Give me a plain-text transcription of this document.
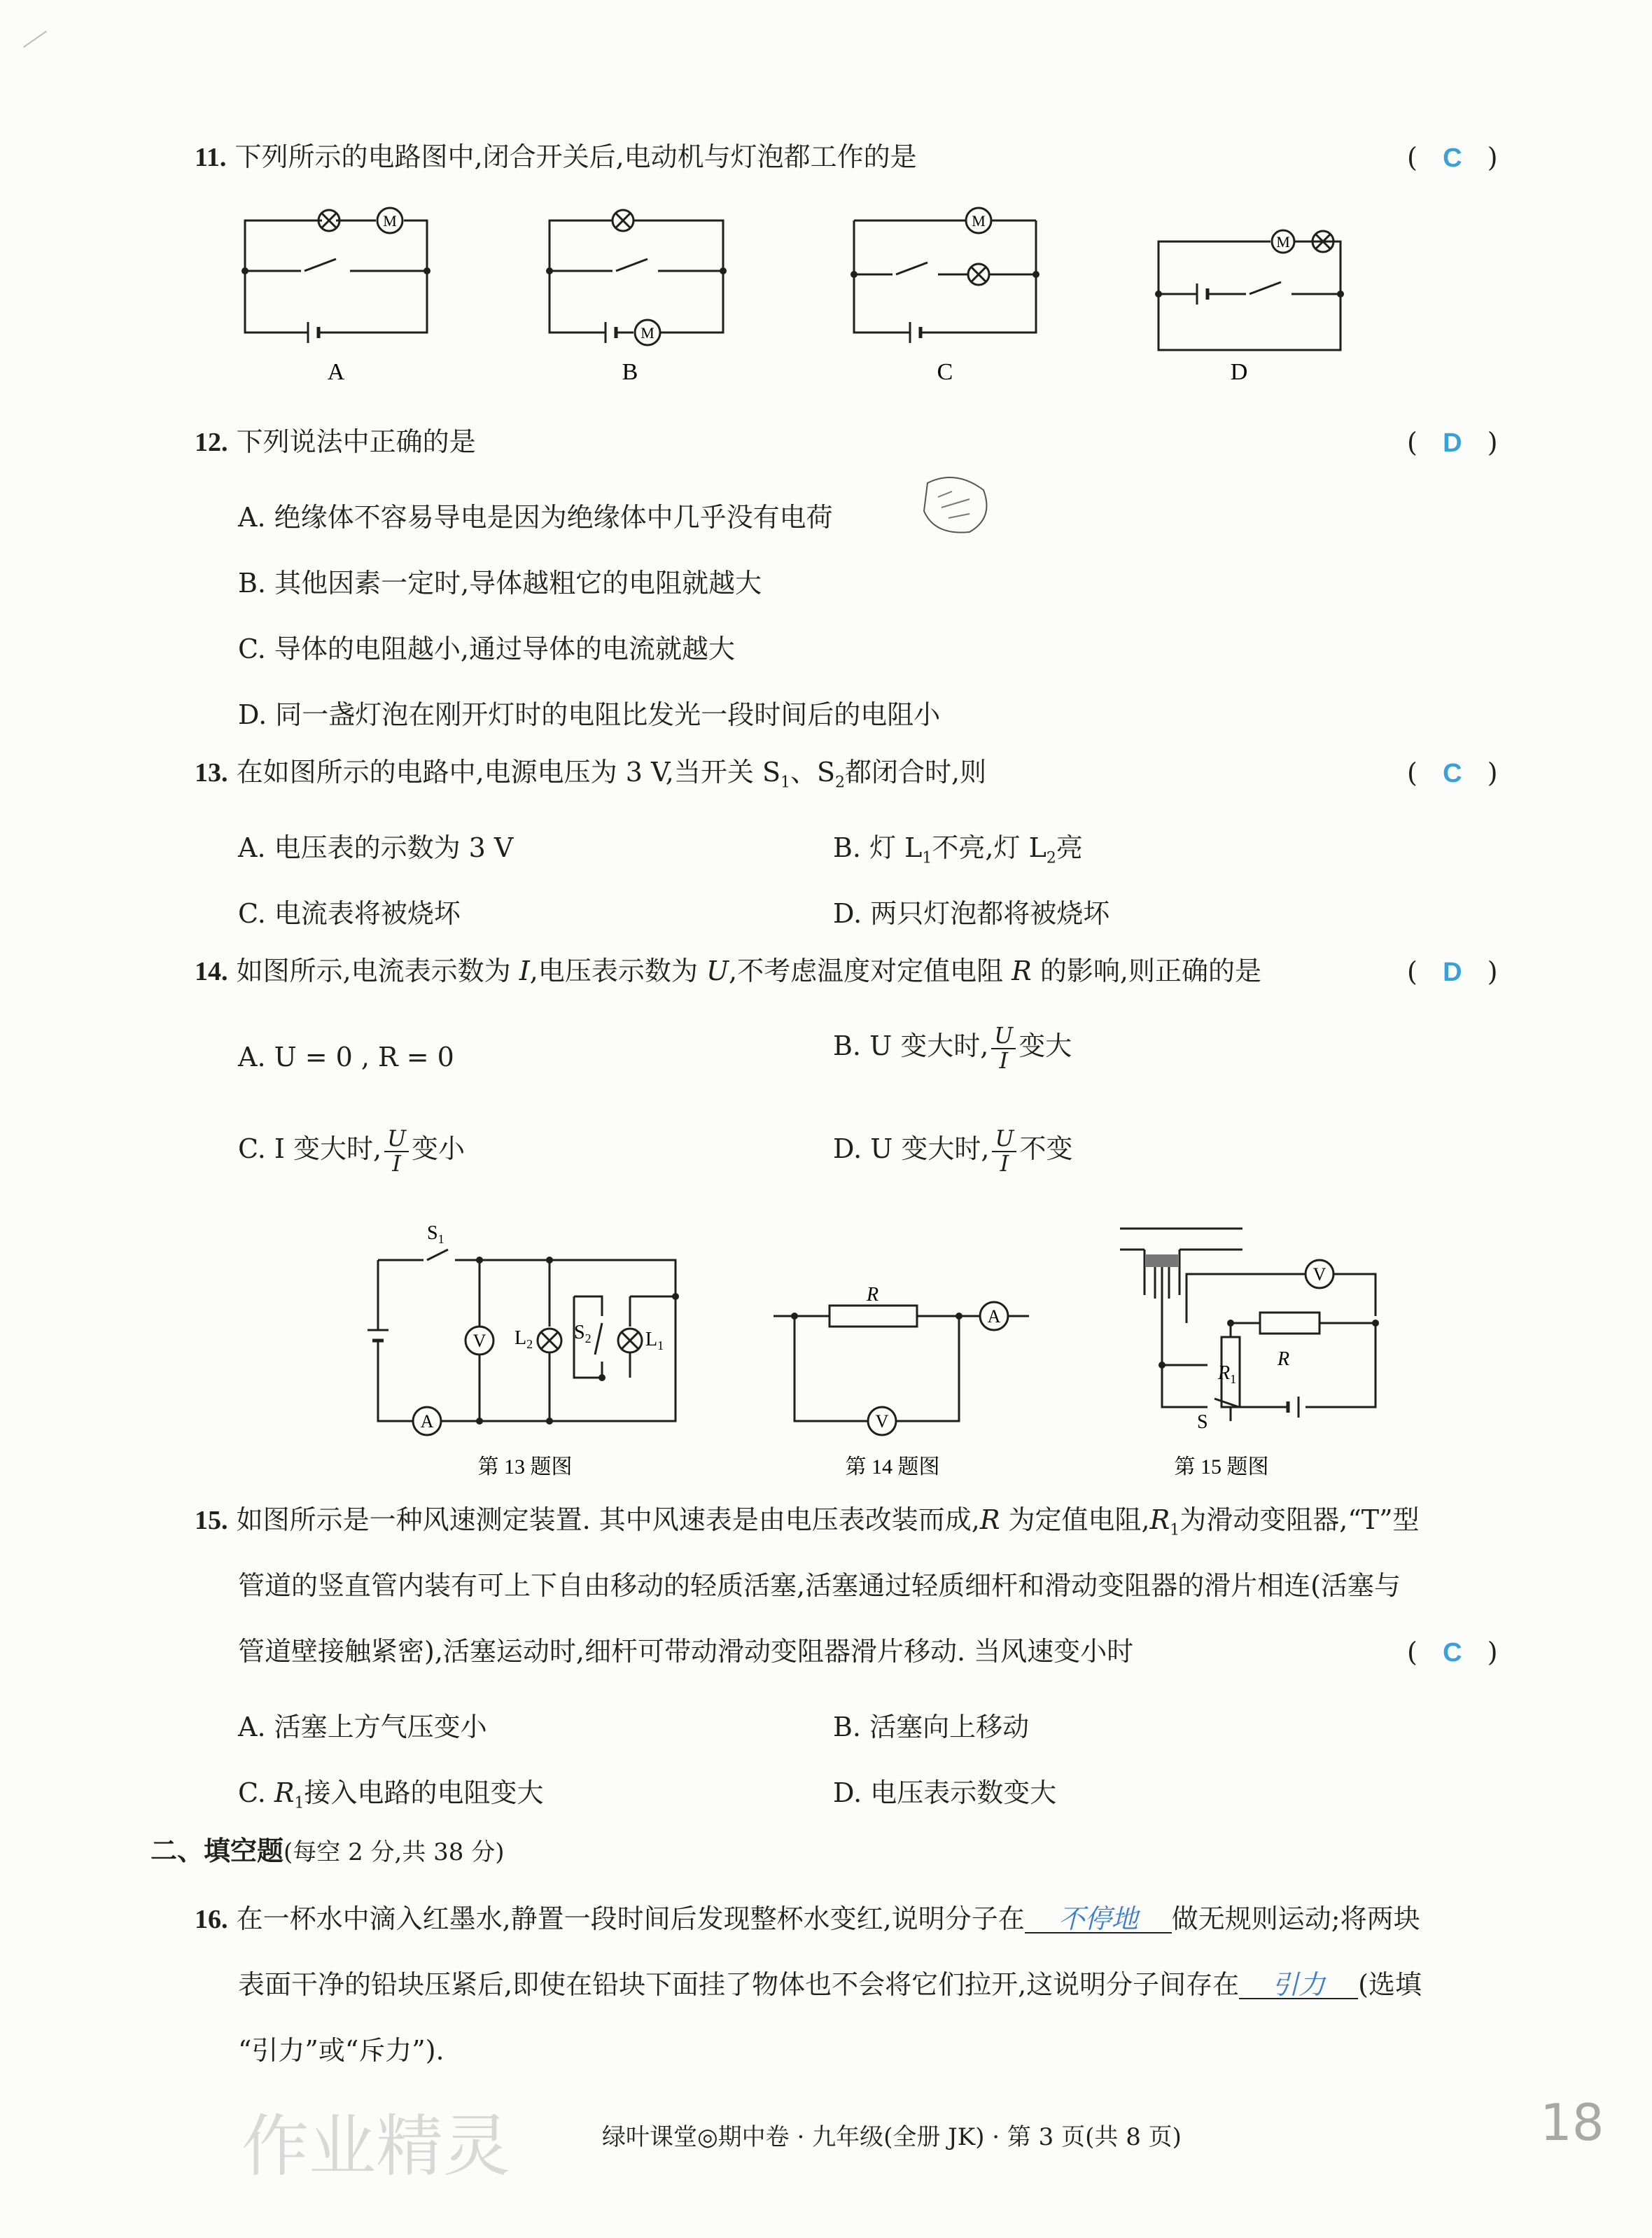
11. 下列所示的电路图中,闭合开关后,电动机与灯泡都工作的是	(   C   )
M
M
M
M
A	B	C	D
12. 下列说法中正确的是	(   D   )
A. 绝缘体不容易导电是因为绝缘体中几乎没有电荷
B. 其他因素一定时,导体越粗它的电阻就越大
C. 导体的电阻越小,通过导体的电流就越大
D. 同一盏灯泡在刚开灯时的电阻比发光一段时间后的电阻小
13. 在如图所示的电路中,电源电压为 3 V,当开关 $S_1$、$S_2$都闭合时,则	(   C   )
A. 电压表的示数为 3 V	B. 灯 $L_1$不亮,灯 $L_2$亮
C. 电流表将被烧坏	D. 两只灯泡都将被烧坏
14. 如图所示,电流表示数为 I,电压表示数为 U,不考虑温度对定值电阻 R 的影响,则正确的是	(   D   )
A. U = 0 , R = 0	B. U 变大时, $\frac{U}{I}$ 变大
C. I 变大时, $\frac{U}{I}$ 变小	D. U 变大时, $\frac{U}{I}$ 不变
A
V
A
V
V
$S_1$
$L_2$
$S_2$	$L_1$
R
R
$R_1$
S
第 13 题图	第 14 题图	第 15 题图
15. 如图所示是一种风速测定装置. 其中风速表是由电压表改装而成,R 为定值电阻$,R_1$为滑动变阻器,“T”型
管道的竖直管内装有可上下自由移动的轻质活塞,活塞通过轻质细杆和滑动变阻器的滑片相连(活塞与
管道壁接触紧密),活塞运动时,细杆可带动滑动变阻器滑片移动. 当风速变小时	(   C   )
A. 活塞上方气压变小	B. 活塞向上移动
C. $R_1$接入电路的电阻变大	D. 电压表示数变大
二、填空题(每空 2 分,共 38 分)
16. 在一杯水中滴入红墨水,静置一段时间后发现整杯水变红,说明分子在 不停地 做无规则运动;将两块
表面干净的铅块压紧后,即使在铅块下面挂了物体也不会将它们拉开,这说明分子间存在 引力 (选填
“引力”或“斥力”).
绿叶课堂◎期中卷 · 九年级(全册 JK) · 第 3 页(共 8 页)	18
作业精灵
